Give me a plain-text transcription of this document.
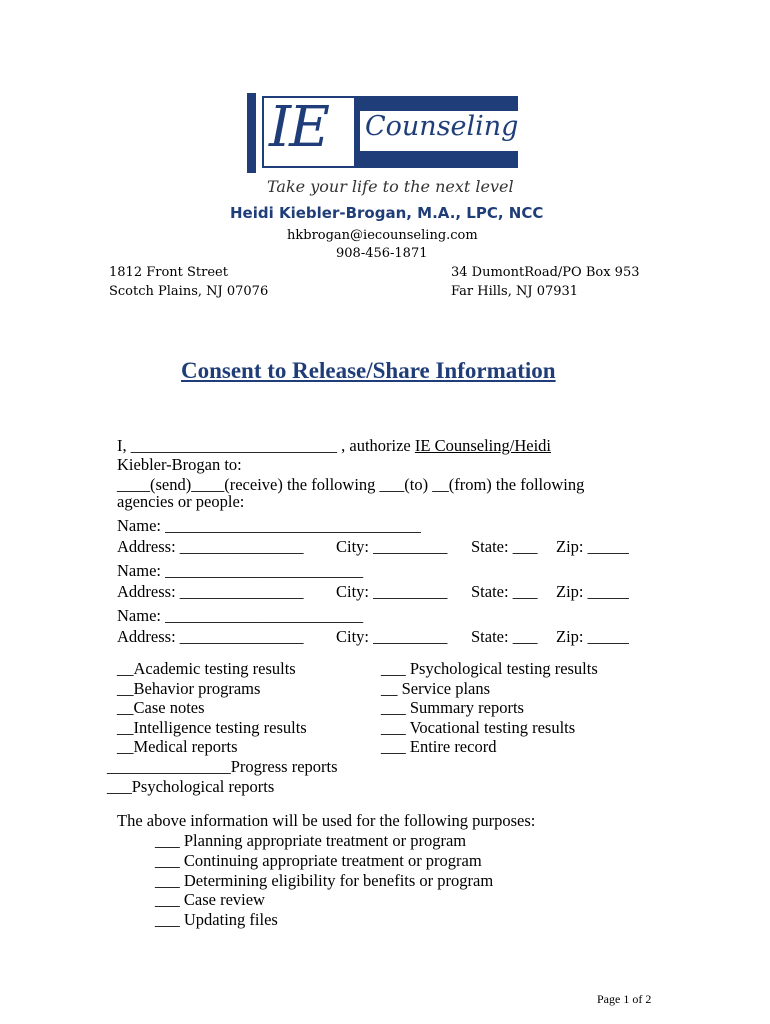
IE Counseling
Take your life to the next level
Heidi Kiebler-Brogan, M.A., LPC, NCC
hkbrogan@iecounseling.com
908-456-1871
1812 Front Street
Scotch Plains, NJ 07076
34 DumontRoad/PO Box 953
Far Hills, NJ 07931
Consent to Release/Share Information
I, _________________________ , authorize IE Counseling/Heidi
Kiebler-Brogan to:
____(send)____(receive) the following ___(to) __(from) the following
agencies or people:
Name: _______________________________
Address: _______________ City: _________ State: ___ Zip: _____
Name: ________________________
Address: _______________ City: _________ State: ___ Zip: _____
Name: ________________________
Address: _______________ City: _________ State: ___ Zip: _____
__Academic testing results
__Behavior programs
__Case notes
__Intelligence testing results
__Medical reports
_______________Progress reports
___Psychological reports
___ Psychological testing results
__ Service plans
___ Summary reports
___ Vocational testing results
___ Entire record
The above information will be used for the following purposes:
___ Planning appropriate treatment or program
___ Continuing appropriate treatment or program
___ Determining eligibility for benefits or program
___ Case review
___ Updating files
Page 1 of 2
